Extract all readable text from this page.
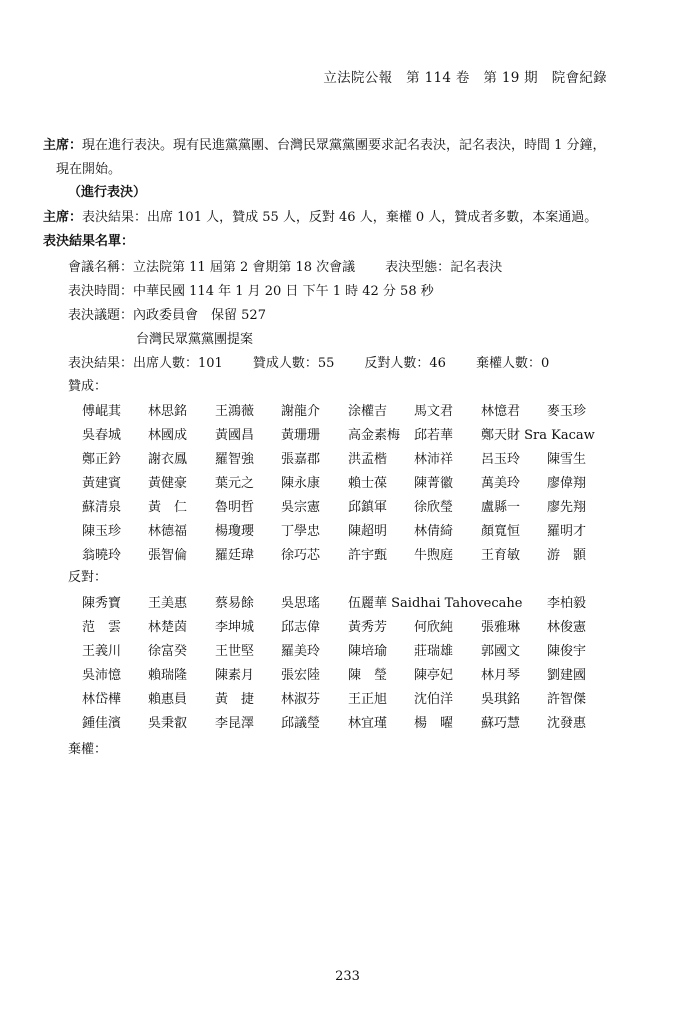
立法院公報　第 114 卷　第 19 期　院會紀錄
主席：現在進行表決。現有民進黨黨團、台灣民眾黨黨團要求記名表決，記名表決，時間 1 分鐘，
現在開始。
（進行表決）
主席：表決結果：出席 101 人，贊成 55 人，反對 46 人，棄權 0 人，贊成者多數，本案通過。
表決結果名單：
會議名稱：立法院第 11 屆第 2 會期第 18 次會議 表決型態：記名表決
表決時間：中華民國 114 年 1 月 20 日 下午 1 時 42 分 58 秒
表決議題：內政委員會　保留 527
台灣民眾黨黨團提案
表決結果：出席人數：101 贊成人數：55 反對人數：46 棄權人數：0
贊成：
傅崐萁 林思銘 王鴻薇 謝龍介 涂權吉 馬文君 林憶君 麥玉珍
吳春城 林國成 黃國昌 黃珊珊 高金素梅 邱若華 鄭天財 Sra Kacaw
鄭正鈐 謝衣鳳 羅智強 張嘉郡 洪孟楷 林沛祥 呂玉玲 陳雪生
黃建賓 黃健豪 葉元之 陳永康 賴士葆 陳菁徽 萬美玲 廖偉翔
蘇清泉 黃　仁 魯明哲 吳宗憲 邱鎮軍 徐欣瑩 盧縣一 廖先翔
陳玉珍 林德福 楊瓊瓔 丁學忠 陳超明 林倩綺 顏寬恒 羅明才
翁曉玲 張智倫 羅廷瑋 徐巧芯 許宇甄 牛煦庭 王育敏 游　顥
反對：
陳秀寶 王美惠 蔡易餘 吳思瑤 伍麗華 Saidhai Tahovecahe 李柏毅
范　雲 林楚茵 李坤城 邱志偉 黃秀芳 何欣純 張雅琳 林俊憲
王義川 徐富癸 王世堅 羅美玲 陳培瑜 莊瑞雄 郭國文 陳俊宇
吳沛憶 賴瑞隆 陳素月 張宏陸 陳　瑩 陳亭妃 林月琴 劉建國
林岱樺 賴惠員 黃　捷 林淑芬 王正旭 沈伯洋 吳琪銘 許智傑
鍾佳濱 吳秉叡 李昆澤 邱議瑩 林宜瑾 楊　曜 蘇巧慧 沈發惠
棄權：
233
